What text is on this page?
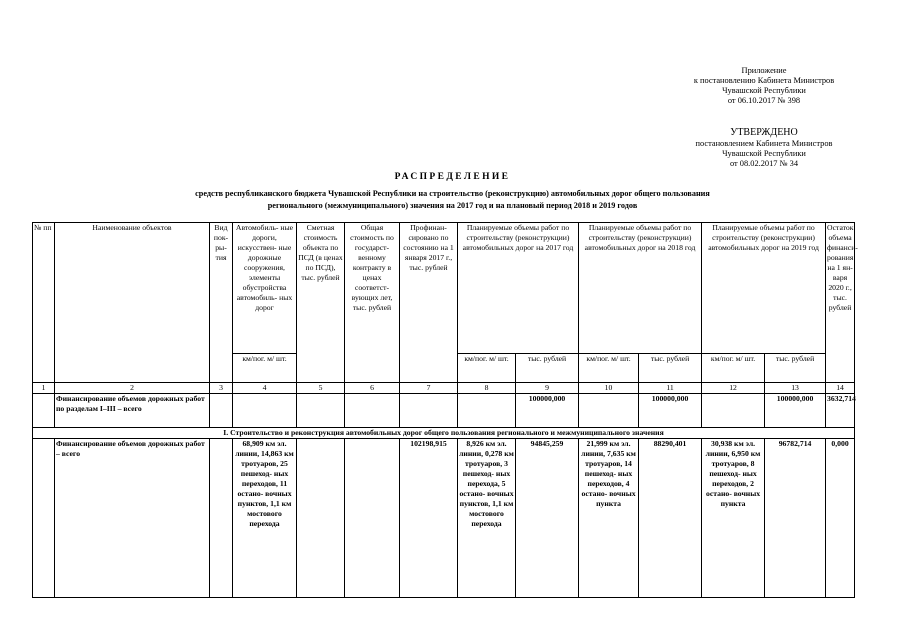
Приложение
к постановлению Кабинета Министров
Чувашской Республики
от 06.10.2017 № 398
УТВЕРЖДЕНО
постановлением Кабинета Министров
Чувашской Республики
от 08.02.2017 № 34
РАСПРЕДЕЛЕНИЕ
средств республиканского бюджета Чувашской Республики на строительство (реконструкцию) автомобильных дорог общего пользования
регионального (межмуниципального) значения на 2017 год и на плановый период 2018 и 2019 годов
№ пп	Наименование объектов	Вид пок- ры- тия	Автомобиль- ные дороги, искусствен- ные дорожные сооружения, элементы обустройства автомобиль- ных дорог	Сметная стоимость объекта по ПСД (в ценах по ПСД), тыс. рублей	Общая стоимость по государст- венному контракту в ценах соответст- вующих лет, тыс. рублей	Профинан- сировано по состоянию на 1 января 2017 г., тыс. рублей	Планируемые объемы работ по строительству (реконструкции) автомобильных дорог на 2017 год		Планируемые объемы работ по строительству (реконструкции) автомобильных дорог на 2018 год		Планируемые объемы работ по строительству (реконструкции) автомобильных дорог на 2019 год		Остаток объема финанси- рования на 1 ян- варя 2020 г., тыс. рублей
			км/пог. м/ шт.				км/пог. м/ шт.	тыс. рублей	км/пог. м/ шт.	тыс. рублей	км/пог. м/ шт.	тыс. рублей	
1	2	3	4	5	6	7	8	9	10	11	12	13	14
	Финансирование объемов дорожных работ по разделам I–III – всего							100000,000		100000,000		100000,000	3632,714
I. Строительство и реконструкция автомобильных дорог общего пользования регионального и межмуниципального значения													
	Финансирование объемов дорожных работ – всего		68,909 км эл. линии, 14,863 км тротуаров, 25 пешеход- ных переходов, 11 остано- вочных пунктов, 1,1 км мостового перехода			102198,915	8,926 км эл. линии, 0,278 км тротуаров, 3 пешеход- ных перехода, 5 остано- вочных пунктов, 1,1 км мостового перехода	94845,259	21,999 км эл. линии, 7,635 км тротуаров, 14 пешеход- ных переходов, 4 остано- вочных пункта	88290,401	30,938 км эл. линии, 6,950 км тротуаров, 8 пешеход- ных переходов, 2 остано- вочных пункта	96782,714	0,000
